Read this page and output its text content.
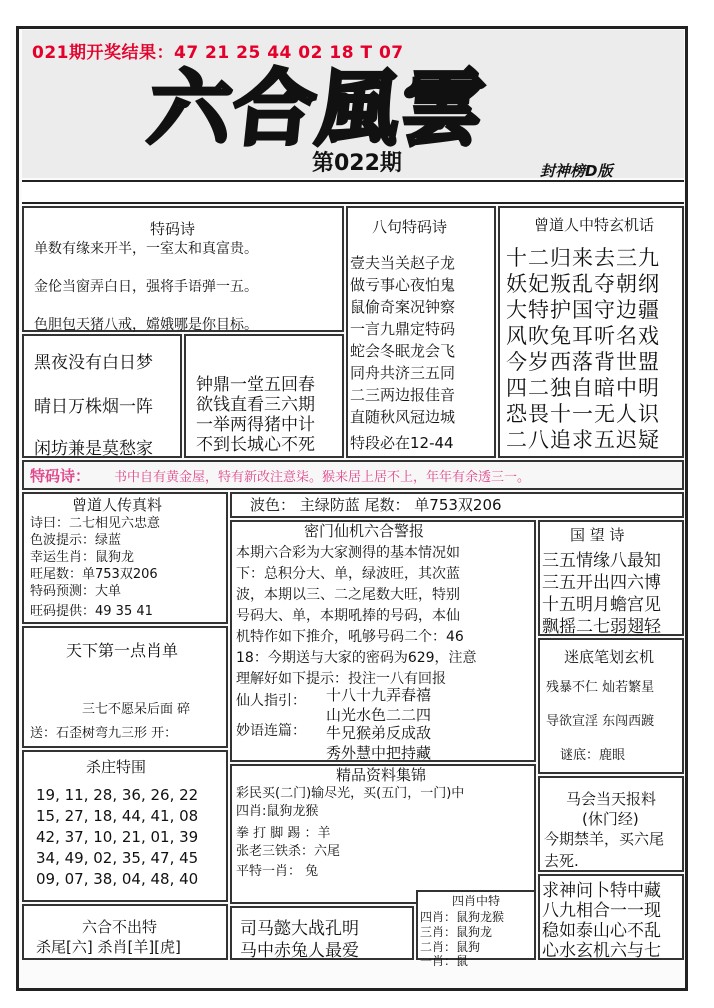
021期开奖结果：47 21 25 44 02 18 T 07
六合風雲
第022期	封神榜D版
特码诗
单数有缘来开半，一室太和真富贵。
金伦当窗弄白日，强将手语弹一五。
色胆包天猪八戒，嫦娥哪是你目标。
黑夜没有白日梦
晴日万株烟一阵
闲坊兼是莫愁家
钟鼎一堂五回春
欲钱直看三六期
一举两得猪中计
不到长城心不死
八句特码诗
壹夫当关赵子龙
做亏事心夜怕鬼
鼠偷奇案况钟察
一言九鼎定特码
蛇会冬眠龙会飞
同舟共济三五同
二三两边报佳音
直随秋风冠边城
特段必在12-44
曾道人中特玄机话
十二归来去三九
妖妃叛乱夺朝纲
大特护国守边疆
风吹兔耳听名戏
今岁西落背世盟
四二独自暗中明
恐畏十一无人识
二八追求五迟疑
特码诗： 书中自有黄金屋，特有新改注意柒。猴来居上居不上，年年有余透三一。
曾道人传真料
诗曰：二七相见六忠意
色波提示：绿蓝
幸运生肖：鼠狗龙
旺尾数：单753双206
特码预测：大单
旺码提供：49 35 41
波色： 主绿防蓝 尾数： 单753双206
密门仙机六合警报
本期六合彩为大家测得的基本情况如
下：总积分大、单，绿波旺，其次蓝
波，本期以三、二之尾数大旺，特别
号码大、单，本期吼捧的号码，本仙
机特作如下推介，吼够号码二个：46
18：今期送与大家的密码为629，注意
理解好如下提示：投注一八有回报
仙人指引： 十八十九弄春禧
山光水色二二四
妙语连篇： 牛兄猴弟反成敌
秀外慧中把持藏
国 望 诗
三五情缘八最知
三五开出四六博
十五明月蟾宫见
飘摇二七弱翅轻
迷底笔划玄机
残暴不仁 灿若繁星
导欲宣淫 东闯西踱
谜底：鹿眼
天下第一点肖单
三七不愿呆后面 碎
送：石歪树弯九三形 开：
杀庄特围
19, 11, 28, 36, 26, 22
15, 27, 18, 44, 41, 08
42, 37, 10, 21, 01, 39
34, 49, 02, 35, 47, 45
09, 07, 38, 04, 48, 40
精品资料集锦
彩民买(二门)输尽光，买(五门，一门)中
四肖:鼠狗龙猴
拳 打 脚 踢 ：羊
张老三铁杀：六尾
平特一肖： 兔
马会当天报料
(休门经)
今期禁羊，买六尾
去死.
求神问卜特中藏
八九相合一一现
稳如泰山心不乱
心水玄机六与七
六合不出特
杀尾[六] 杀肖[羊][虎]
司马懿大战孔明
马中赤兔人最爱
四肖中特
四肖：鼠狗龙猴
三肖：鼠狗龙
二肖：鼠狗
一肖：鼠
